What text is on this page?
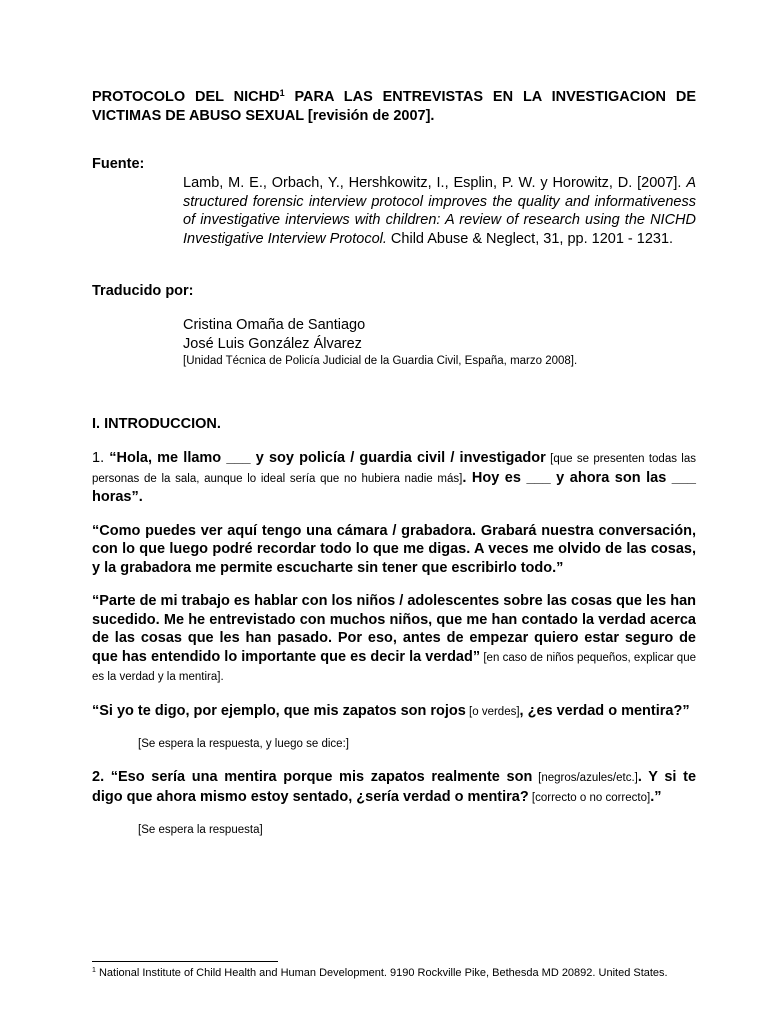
PROTOCOLO DEL NICHD$^1$ PARA LAS ENTREVISTAS EN LA INVESTIGACION DE VICTIMAS DE ABUSO SEXUAL [revisión de 2007].
Fuente:
Lamb, M. E., Orbach, Y., Hershkowitz, I., Esplin, P. W. y Horowitz, D. [2007]. A structured forensic interview protocol improves the quality and informativeness of investigative interviews with children: A review of research using the NICHD Investigative Interview Protocol. Child Abuse & Neglect, 31, pp. 1201 - 1231.
Traducido por:
Cristina Omaña de Santiago
José Luis González Álvarez
[Unidad Técnica de Policía Judicial de la Guardia Civil, España, marzo 2008].
I. INTRODUCCION.
1. “Hola, me llamo ___ y soy policía / guardia civil / investigador [que se presenten todas las personas de la sala, aunque lo ideal sería que no hubiera nadie más]. Hoy es ___ y ahora son las ___ horas”.
“Como puedes ver aquí tengo una cámara / grabadora. Grabará nuestra conversación, con lo que luego podré recordar todo lo que me digas. A veces me olvido de las cosas, y la grabadora me permite escucharte sin tener que escribirlo todo.”
“Parte de mi trabajo es hablar con los niños / adolescentes sobre las cosas que les han sucedido. Me he entrevistado con muchos niños, que me han contado la verdad acerca de las cosas que les han pasado. Por eso, antes de empezar quiero estar seguro de que has entendido lo importante que es decir la verdad” [en caso de niños pequeños, explicar que es la verdad y la mentira].
“Si yo te digo, por ejemplo, que mis zapatos son rojos [o verdes], ¿es verdad o mentira?”
[Se espera la respuesta, y luego se dice:]
2. “Eso sería una mentira porque mis zapatos realmente son [negros/azules/etc.]. Y si te digo que ahora mismo estoy sentado, ¿sería verdad o mentira? [correcto o no correcto].”
[Se espera la respuesta]
$^1$ National Institute of Child Health and Human Development. 9190 Rockville Pike, Bethesda MD 20892. United States.
